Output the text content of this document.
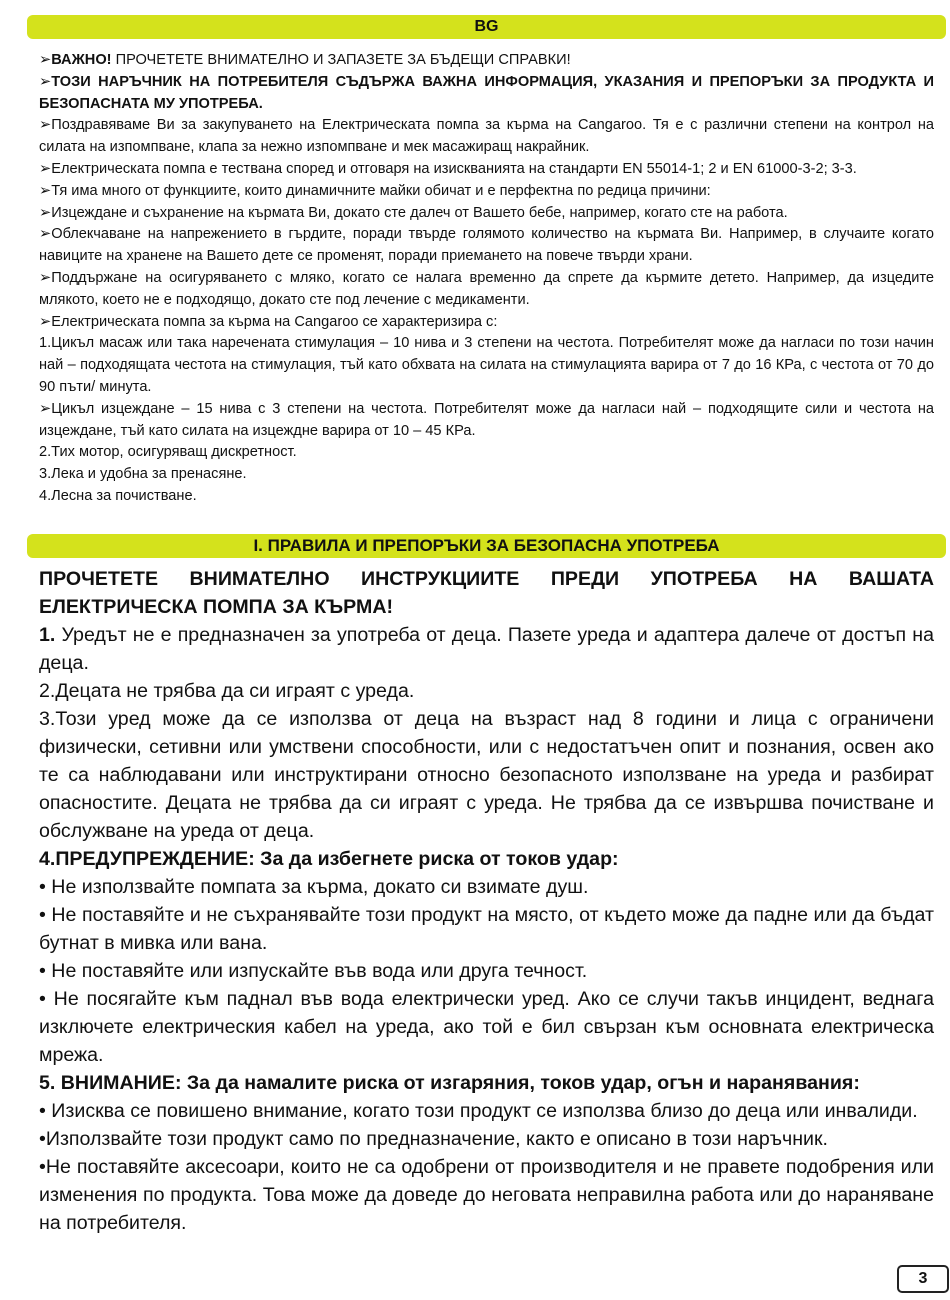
BG

➢ВАЖНО! ПРОЧЕТЕТЕ ВНИМАТЕЛНО И ЗАПАЗЕТЕ ЗА БЪДЕЩИ СПРАВКИ!

➢ТОЗИ НАРЪЧНИК НА ПОТРЕБИТЕЛЯ СЪДЪРЖА ВАЖНА ИНФОРМАЦИЯ, УКАЗАНИЯ И ПРЕПОРЪКИ ЗА ПРОДУКТА И БЕЗОПАСНАТА МУ УПОТРЕБА.

➢Поздравяваме Ви за закупуването на Електрическата помпа за кърма на Cangaroo. Тя е с различни степени на контрол на силата на изпомпване, клапа за нежно изпомпване и мек масажиращ накрайник.

➢Електрическата помпа е тествана според и отговаря на изискванията на стандарти EN 55014-1; 2 и EN 61000-3-2; 3-3.

➢Тя има много от функциите, които динамичните майки обичат и е перфектна по редица причини:

➢Изцеждане и съхранение на кърмата Ви, докато сте далеч от Вашето бебе, например, когато сте на работа.

➢Облекчаване на напрежението в гърдите, поради твърде голямото количество на кърмата Ви. Например, в случаите когато навиците на хранене на Вашето дете се променят, поради приемането на повече твърди храни.

➢Поддържане на осигуряването с мляко, когато се налага временно да спрете да кърмите детето. Например, да изцедите млякото, което не е подходящо, докато сте под лечение с медикаменти.

➢Електрическата помпа за кърма на Cangaroo се характеризира с:

1.Цикъл масаж или така наречената стимулация – 10 нива и 3 степени на честота. Потребителят може да нагласи по този начин най – подходящата честота на стимулация, тъй като обхвата на силата на стимулацията варира от 7 до 16 КРа, с честота от 70 до 90 пъти/ минута.

➢Цикъл изцеждане – 15 нива с 3 степени на честота. Потребителят може да нагласи най – подходящите сили и честота на изцеждане, тъй като силата на изцеждне варира от 10 – 45 КРа.

2.Тих мотор, осигуряващ дискретност.

3.Лека и удобна за пренасяне.

4.Лесна за почистване.

I. ПРАВИЛА И ПРЕПОРЪКИ ЗА БЕЗОПАСНА УПОТРЕБА

ПРОЧЕТЕТЕ ВНИМАТЕЛНО ИНСТРУКЦИИТЕ ПРЕДИ УПОТРЕБА НА ВАШАТА ЕЛЕКТРИЧЕСКА ПОМПА ЗА КЪРМА!

1. Уредът не е предназначен за употреба от деца. Пазете уреда и адаптера далече от достъп на деца.

2.Децата не трябва да си играят с уреда.

3.Този уред може да се използва от деца на възраст над 8 години и лица с ограничени физически, сетивни или умствени способности, или с недостатъчен опит и познания, освен ако те са наблюдавани или инструктирани относно безопасното използване на уреда и разбират опасностите. Децата не трябва да си играят с уреда. Не трябва да се извършва почистване и обслужване на уреда от деца.

4.ПРЕДУПРЕЖДЕНИЕ: За да избегнете риска от токов удар:

• Не използвайте помпата за кърма, докато си взимате душ.

• Не поставяйте и не съхранявайте този продукт на място, от където може да падне или да бъдат бутнат в мивка или вана.

• Не поставяйте или изпускайте във вода или друга течност.

• Не посягайте към паднал във вода електрически уред. Ако се случи такъв инцидент, веднага изключете електрическия кабел на уреда, ако той е бил свързан към основната електрическа мрежа.

5. ВНИМАНИЕ: За да намалите риска от изгаряния, токов удар, огън и наранявания:

• Изисква се повишено внимание, когато този продукт се използва близо до деца или инвалиди.

•Използвайте този продукт само по предназначение, както е описано в този наръчник.

•Не поставяйте аксесоари, които не са одобрени от производителя и не правете подобрения или изменения по продукта. Това може да доведе до неговата неправилна работа или до нараняване на потребителя.

3
